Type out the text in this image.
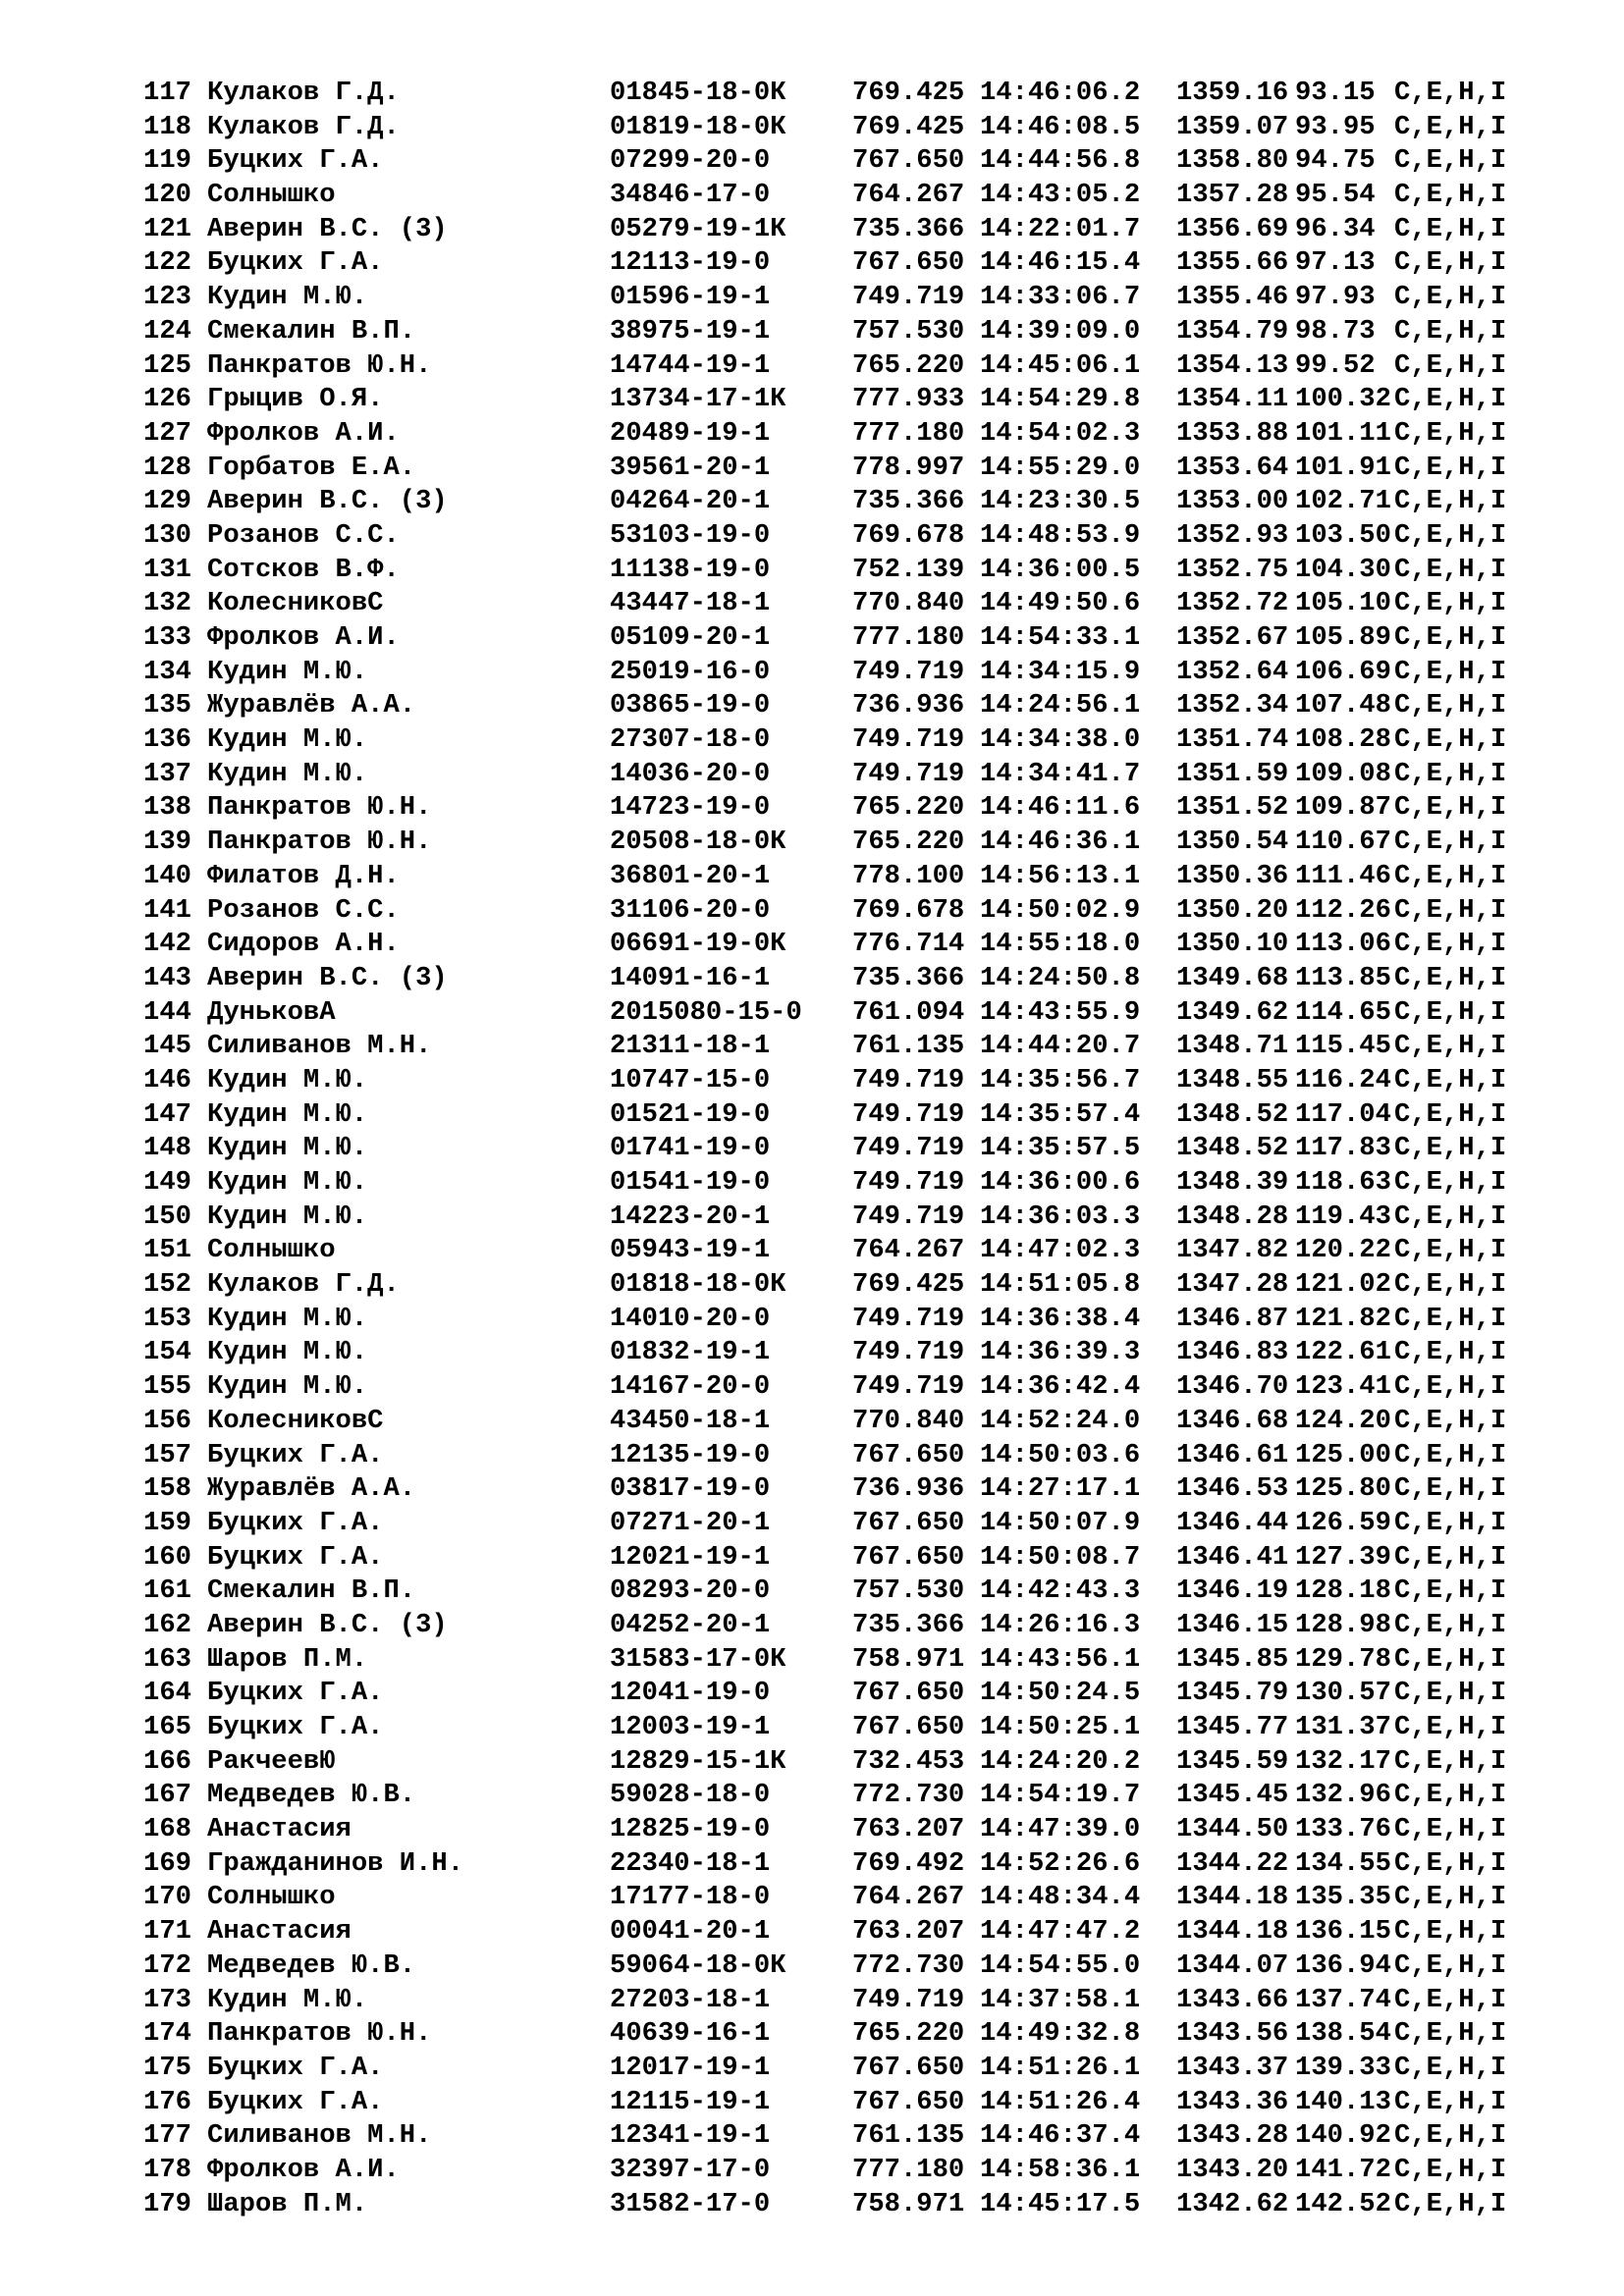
117 Кулаков Г.Д.	01845-18-0К 769.425 14:46:06.2 1359.16 93.15 C,E,H,I
118 Кулаков Г.Д.	01819-18-0К 769.425 14:46:08.5 1359.07 93.95 C,E,H,I
119 Буцких Г.А.	07299-20-0	767.650 14:44:56.8 1358.80 94.75 C,E,H,I
120 Солнышко	34846-17-0	764.267 14:43:05.2 1357.28 95.54 C,E,H,I
121 Аверин В.С. (3)	05279-19-1К 735.366 14:22:01.7 1356.69 96.34 C,E,H,I
122 Буцких Г.А.	12113-19-0	767.650 14:46:15.4 1355.66 97.13 C,E,H,I
123 Кудин М.Ю.	01596-19-1	749.719 14:33:06.7 1355.46 97.93 C,E,H,I
124 Смекалин В.П.	38975-19-1	757.530 14:39:09.0 1354.79 98.73 C,E,H,I
125 Панкратов Ю.Н.	14744-19-1	765.220 14:45:06.1 1354.13 99.52 C,E,H,I
126 Грыцив О.Я.	13734-17-1К 777.933 14:54:29.8 1354.11 100.32 C,E,H,I
127 Фролков А.И.	20489-19-1	777.180 14:54:02.3 1353.88 101.11 C,E,H,I
128 Горбатов Е.А.	39561-20-1	778.997 14:55:29.0 1353.64 101.91 C,E,H,I
129 Аверин В.С. (3)	04264-20-1	735.366 14:23:30.5 1353.00 102.71 C,E,H,I
130 Розанов С.С.	53103-19-0	769.678 14:48:53.9 1352.93 103.50 C,E,H,I
131 Сотсков В.Ф.	11138-19-0	752.139 14:36:00.5 1352.75 104.30 C,E,H,I
132 КолесниковС	43447-18-1	770.840 14:49:50.6 1352.72 105.10 C,E,H,I
133 Фролков А.И.	05109-20-1	777.180 14:54:33.1 1352.67 105.89 C,E,H,I
134 Кудин М.Ю.	25019-16-0	749.719 14:34:15.9 1352.64 106.69 C,E,H,I
135 Журавлёв А.А.	03865-19-0	736.936 14:24:56.1 1352.34 107.48 C,E,H,I
136 Кудин М.Ю.	27307-18-0	749.719 14:34:38.0 1351.74 108.28 C,E,H,I
137 Кудин М.Ю.	14036-20-0	749.719 14:34:41.7 1351.59 109.08 C,E,H,I
138 Панкратов Ю.Н.	14723-19-0	765.220 14:46:11.6 1351.52 109.87 C,E,H,I
139 Панкратов Ю.Н.	20508-18-0К 765.220 14:46:36.1 1350.54 110.67 C,E,H,I
140 Филатов Д.Н.	36801-20-1	778.100 14:56:13.1 1350.36 111.46 C,E,H,I
141 Розанов С.С.	31106-20-0	769.678 14:50:02.9 1350.20 112.26 C,E,H,I
142 Сидоров А.Н.	06691-19-0К 776.714 14:55:18.0 1350.10 113.06 C,E,H,I
143 Аверин В.С. (3)	14091-16-1	735.366 14:24:50.8 1349.68 113.85 C,E,H,I
144 ДуньковА	2015080-15-0 761.094 14:43:55.9 1349.62 114.65 C,E,H,I
145 Силиванов М.Н.	21311-18-1	761.135 14:44:20.7 1348.71 115.45 C,E,H,I
146 Кудин М.Ю.	10747-15-0	749.719 14:35:56.7 1348.55 116.24 C,E,H,I
147 Кудин М.Ю.	01521-19-0	749.719 14:35:57.4 1348.52 117.04 C,E,H,I
148 Кудин М.Ю.	01741-19-0	749.719 14:35:57.5 1348.52 117.83 C,E,H,I
149 Кудин М.Ю.	01541-19-0	749.719 14:36:00.6 1348.39 118.63 C,E,H,I
150 Кудин М.Ю.	14223-20-1	749.719 14:36:03.3 1348.28 119.43 C,E,H,I
151 Солнышко	05943-19-1	764.267 14:47:02.3 1347.82 120.22 C,E,H,I
152 Кулаков Г.Д.	01818-18-0К 769.425 14:51:05.8 1347.28 121.02 C,E,H,I
153 Кудин М.Ю.	14010-20-0	749.719 14:36:38.4 1346.87 121.82 C,E,H,I
154 Кудин М.Ю.	01832-19-1	749.719 14:36:39.3 1346.83 122.61 C,E,H,I
155 Кудин М.Ю.	14167-20-0	749.719 14:36:42.4 1346.70 123.41 C,E,H,I
156 КолесниковС	43450-18-1	770.840 14:52:24.0 1346.68 124.20 C,E,H,I
157 Буцких Г.А.	12135-19-0	767.650 14:50:03.6 1346.61 125.00 C,E,H,I
158 Журавлёв А.А.	03817-19-0	736.936 14:27:17.1 1346.53 125.80 C,E,H,I
159 Буцких Г.А.	07271-20-1	767.650 14:50:07.9 1346.44 126.59 C,E,H,I
160 Буцких Г.А.	12021-19-1	767.650 14:50:08.7 1346.41 127.39 C,E,H,I
161 Смекалин В.П.	08293-20-0	757.530 14:42:43.3 1346.19 128.18 C,E,H,I
162 Аверин В.С. (3)	04252-20-1	735.366 14:26:16.3 1346.15 128.98 C,E,H,I
163 Шаров П.М.	31583-17-0К 758.971 14:43:56.1 1345.85 129.78 C,E,H,I
164 Буцких Г.А.	12041-19-0	767.650 14:50:24.5 1345.79 130.57 C,E,H,I
165 Буцких Г.А.	12003-19-1	767.650 14:50:25.1 1345.77 131.37 C,E,H,I
166 РакчеевЮ	12829-15-1К 732.453 14:24:20.2 1345.59 132.17 C,E,H,I
167 Медведев Ю.В.	59028-18-0	772.730 14:54:19.7 1345.45 132.96 C,E,H,I
168 Анастасия	12825-19-0	763.207 14:47:39.0 1344.50 133.76 C,E,H,I
169 Гражданинов И.Н.	22340-18-1	769.492 14:52:26.6 1344.22 134.55 C,E,H,I
170 Солнышко	17177-18-0	764.267 14:48:34.4 1344.18 135.35 C,E,H,I
171 Анастасия	00041-20-1	763.207 14:47:47.2 1344.18 136.15 C,E,H,I
172 Медведев Ю.В.	59064-18-0К 772.730 14:54:55.0 1344.07 136.94 C,E,H,I
173 Кудин М.Ю.	27203-18-1	749.719 14:37:58.1 1343.66 137.74 C,E,H,I
174 Панкратов Ю.Н.	40639-16-1	765.220 14:49:32.8 1343.56 138.54 C,E,H,I
175 Буцких Г.А.	12017-19-1	767.650 14:51:26.1 1343.37 139.33 C,E,H,I
176 Буцких Г.А.	12115-19-1	767.650 14:51:26.4 1343.36 140.13 C,E,H,I
177 Силиванов М.Н.	12341-19-1	761.135 14:46:37.4 1343.28 140.92 C,E,H,I
178 Фролков А.И.	32397-17-0	777.180 14:58:36.1 1343.20 141.72 C,E,H,I
179 Шаров П.М.	31582-17-0	758.971 14:45:17.5 1342.62 142.52 C,E,H,I
